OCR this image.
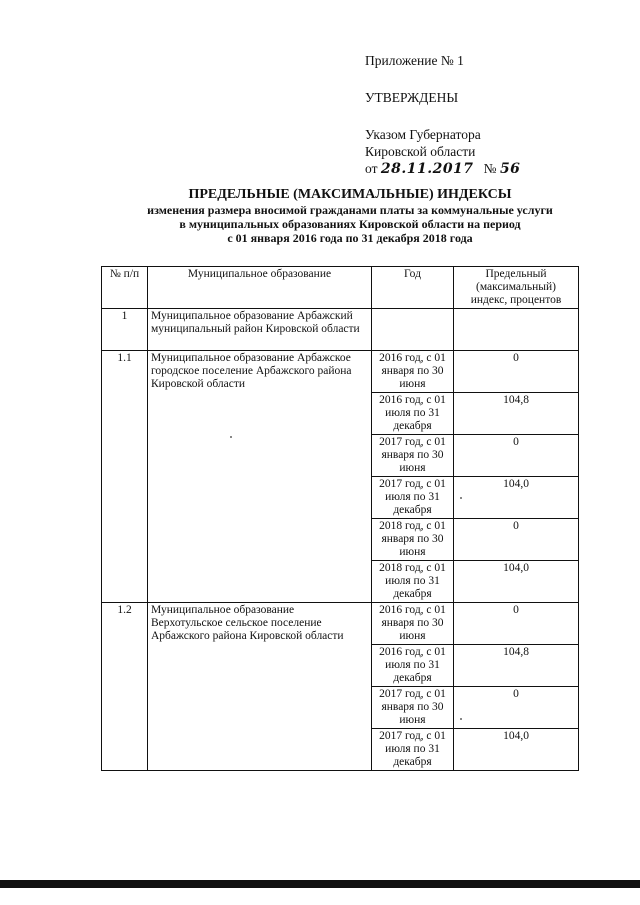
Приложение № 1
УТВЕРЖДЕНЫ
Указом Губернатора
Кировской области
от 28.11.2017 № 56
ПРЕДЕЛЬНЫЕ (МАКСИМАЛЬНЫЕ) ИНДЕКСЫ
изменения размера вносимой гражданами платы за коммунальные услуги
в муниципальных образованиях Кировской области на период
с 01 января 2016 года по 31 декабря 2018 года
№ п/п	Муниципальное образование	Год	Предельный (максимальный) индекс, процентов
1	Муниципальное образование Арбажский муниципальный район Кировской области		
1.1	Муниципальное образование Арбажское городское поселение Арбажского района Кировской области	2016 год, с 01 января по 30 июня	0
		2016 год, с 01 июля по 31 декабря	104,8
		2017 год, с 01 января по 30 июня	0
		2017 год, с 01 июля по 31 декабря	104,0
		2018 год, с 01 января по 30 июня	0
		2018 год, с 01 июля по 31 декабря	104,0
1.2	Муниципальное образование Верхотульское сельское поселение Арбажского района Кировской области	2016 год, с 01 января по 30 июня	0
		2016 год, с 01 июля по 31 декабря	104,8
		2017 год, с 01 января по 30 июня	0
		2017 год, с 01 июля по 31 декабря	104,0
